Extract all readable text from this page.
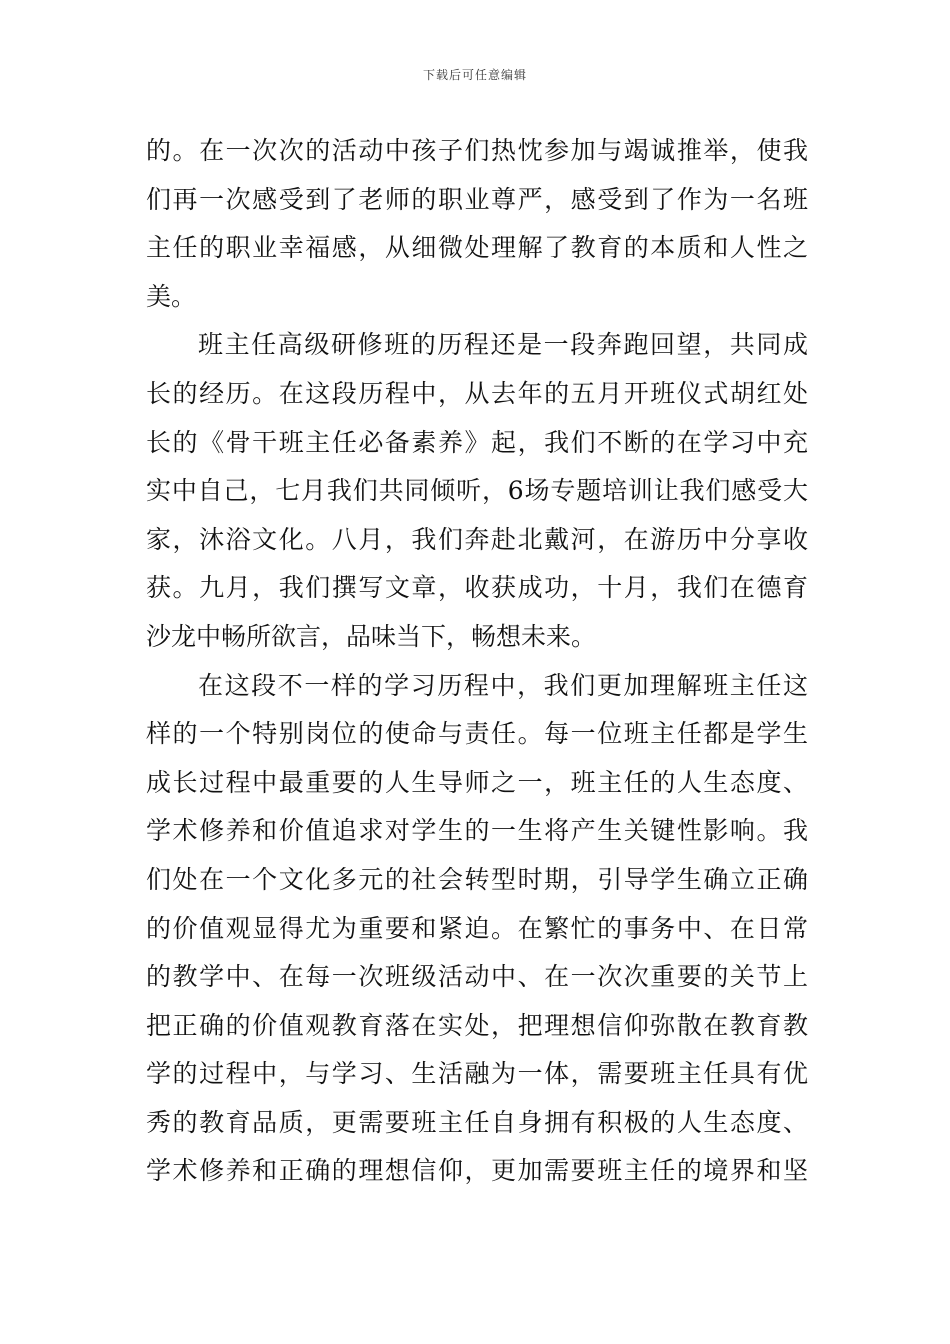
下载后可任意编辑
的。在一次次的活动中孩子们热忱参加与竭诚推举，使我
们再一次感受到了老师的职业尊严，感受到了作为一名班
主任的职业幸福感，从细微处理解了教育的本质和人性之
美。
班主任高级研修班的历程还是一段奔跑回望，共同成
长的经历。在这段历程中，从去年的五月开班仪式胡红处
长的《骨干班主任必备素养》起，我们不断的在学习中充
实中自己，七月我们共同倾听，6场专题培训让我们感受大
家，沐浴文化。八月，我们奔赴北戴河，在游历中分享收
获。九月，我们撰写文章，收获成功，十月，我们在德育
沙龙中畅所欲言，品味当下，畅想未来。
在这段不一样的学习历程中，我们更加理解班主任这
样的一个特别岗位的使命与责任。每一位班主任都是学生
成长过程中最重要的人生导师之一，班主任的人生态度、
学术修养和价值追求对学生的一生将产生关键性影响。我
们处在一个文化多元的社会转型时期，引导学生确立正确
的价值观显得尤为重要和紧迫。在繁忙的事务中、在日常
的教学中、在每一次班级活动中、在一次次重要的关节上
把正确的价值观教育落在实处，把理想信仰弥散在教育教
学的过程中，与学习、生活融为一体，需要班主任具有优
秀的教育品质，更需要班主任自身拥有积极的人生态度、
学术修养和正确的理想信仰，更加需要班主任的境界和坚
